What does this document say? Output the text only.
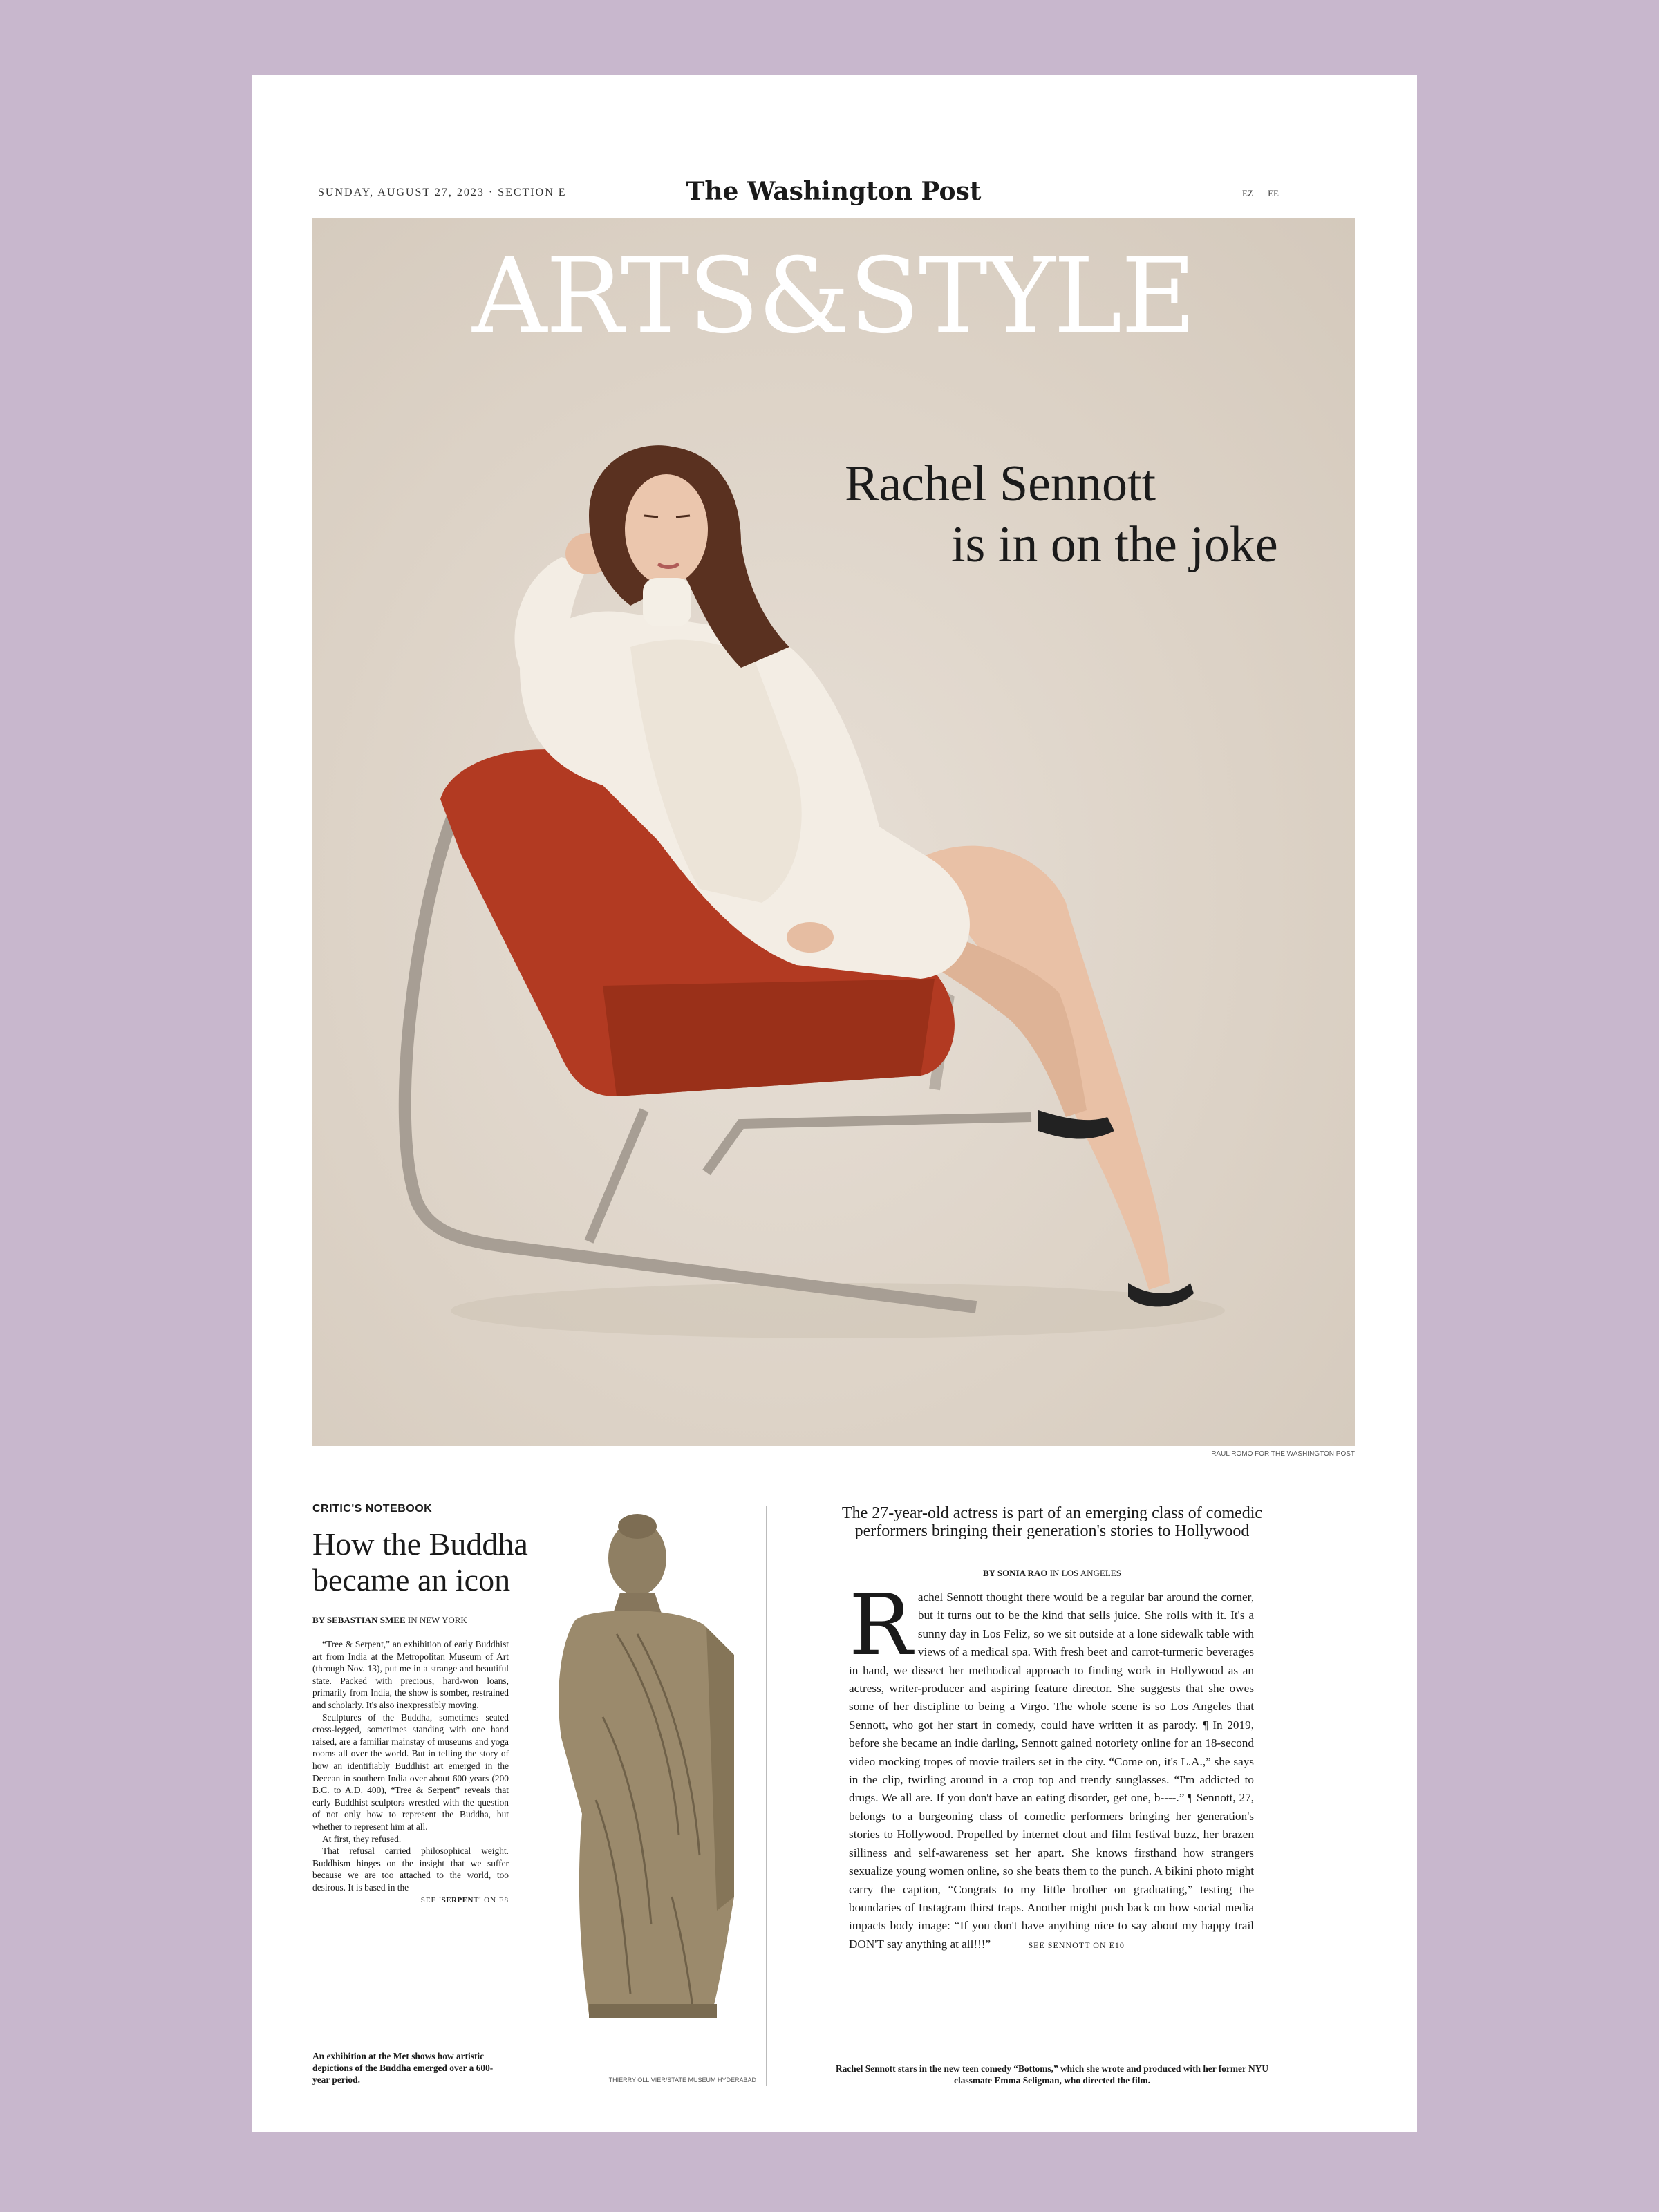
SUNDAY, AUGUST 27, 2023 · SECTION E	The Washington Post	EZ EE
ARTS&STYLE
Rachel Sennott
is in on the joke
RAUL ROMO FOR THE WASHINGTON POST
CRITIC'S NOTEBOOK
How the Buddha became an icon
BY SEBASTIAN SMEE IN NEW YORK

“Tree & Serpent,” an exhibition of early Buddhist art from India at the Metropolitan Museum of Art (through Nov. 13), put me in a strange and beautiful state. Packed with precious, hard-won loans, primarily from India, the show is somber, restrained and scholarly. It's also inexpressibly moving.

Sculptures of the Buddha, sometimes seated cross-legged, sometimes standing with one hand raised, are a familiar mainstay of museums and yoga rooms all over the world. But in telling the story of how an identifiably Buddhist art emerged in the Deccan in southern India over about 600 years (200 B.C. to A.D. 400), “Tree & Serpent” reveals that early Buddhist sculptors wrestled with the question of not only how to represent the Buddha, but whether to represent him at all.

At first, they refused.

That refusal carried philosophical weight. Buddhism hinges on the insight that we suffer because we are too attached to the world, too desirous. It is based in the

SEE 'SERPENT' ON E8
An exhibition at the Met shows how artistic depictions of the Buddha emerged over a 600-year period.	THIERRY OLLIVIER/STATE MUSEUM HYDERABAD
The 27-year-old actress is part of an emerging class of comedic performers bringing their generation's stories to Hollywood
BY SONIA RAO IN LOS ANGELES
R achel Sennott thought there would be a regular bar around the corner, but it turns out to be the kind that sells juice. She rolls with it. It's a sunny day in Los Feliz, so we sit outside at a lone sidewalk table with views of a medical spa. With fresh beet and carrot-turmeric beverages in hand, we dissect her methodical approach to finding work in Hollywood as an actress, writer-producer and aspiring feature director. She suggests that she owes some of her discipline to being a Virgo. The whole scene is so Los Angeles that Sennott, who got her start in comedy, could have written it as parody. ¶ In 2019, before she became an indie darling, Sennott gained notoriety online for an 18-second video mocking tropes of movie trailers set in the city. “Come on, it's L.A.,” she says in the clip, twirling around in a crop top and trendy sunglasses. “I'm addicted to drugs. We all are. If you don't have an eating disorder, get one, b----.” ¶ Sennott, 27, belongs to a burgeoning class of comedic performers bringing her generation's stories to Hollywood. Propelled by internet clout and film festival buzz, her brazen silliness and self-awareness set her apart. She knows firsthand how strangers sexualize young women online, so she beats them to the punch. A bikini photo might carry the caption, “Congrats to my little brother on graduating,” testing the boundaries of Instagram thirst traps. Another might push back on how social media impacts body image: “If you don't have anything nice to say about my happy trail DON'T say anything at all!!!”	SEE SENNOTT ON E10
Rachel Sennott stars in the new teen comedy “Bottoms,” which she wrote and produced with her former NYU classmate Emma Seligman, who directed the film.
